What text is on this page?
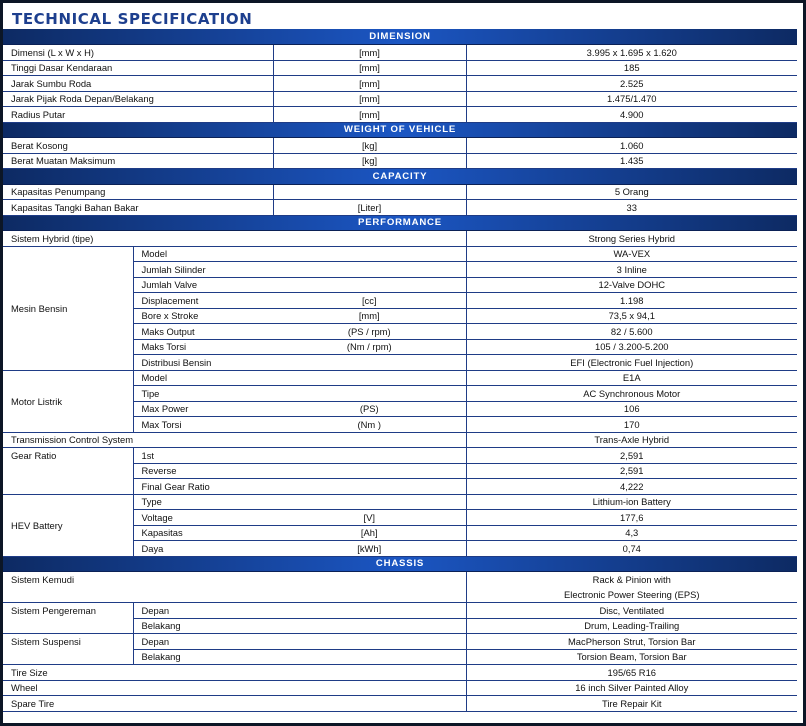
TECHNICAL SPECIFICATION
DIMENSION			
Dimensi (L x W x H)		[mm]	3.995 x 1.695 x 1.620
Tinggi Dasar Kendaraan		[mm]	185
Jarak Sumbu Roda		[mm]	2.525
Jarak Pijak Roda Depan/Belakang		[mm]	1.475/1.470
Radius Putar		[mm]	4.900
WEIGHT OF VEHICLE			
Berat Kosong		[kg]	1.060
Berat Muatan Maksimum		[kg]	1.435
CAPACITY			
Kapasitas Penumpang			5 Orang
Kapasitas Tangki Bahan Bakar		[Liter]	33
PERFORMANCE			
Sistem Hybrid (tipe)			Strong Series Hybrid
Mesin Bensin	Model		WA-VEX
	Jumlah Silinder		3 Inline
	Jumlah Valve		12-Valve DOHC
	Displacement	[cc]	1.198
	Bore x Stroke	[mm]	73,5 x 94,1
	Maks Output	(PS / rpm)	82 / 5.600
	Maks Torsi	(Nm / rpm)	105 / 3.200-5.200
	Distribusi Bensin		EFI (Electronic Fuel Injection)
Motor Listrik	Model		E1A
	Tipe		AC Synchronous Motor
	Max Power	(PS)	106
	Max Torsi	(Nm )	170
Transmission Control System			Trans-Axle Hybrid
Gear Ratio	1st		2,591
	Reverse		2,591
	Final Gear Ratio		4,222
HEV Battery	Type		Lithium-ion Battery
	Voltage	[V]	177,6
	Kapasitas	[Ah]	4,3
	Daya	[kWh]	0,74
CHASSIS			
Sistem Kemudi			Rack & Pinion with
			Electronic Power Steering (EPS)
Sistem Pengereman	Depan		Disc, Ventilated
	Belakang		Drum, Leading-Trailing
Sistem Suspensi	Depan		MacPherson Strut, Torsion Bar
	Belakang		Torsion Beam, Torsion Bar
Tire Size			195/65 R16
Wheel			16 inch Silver Painted Alloy
Spare Tire			Tire Repair Kit
